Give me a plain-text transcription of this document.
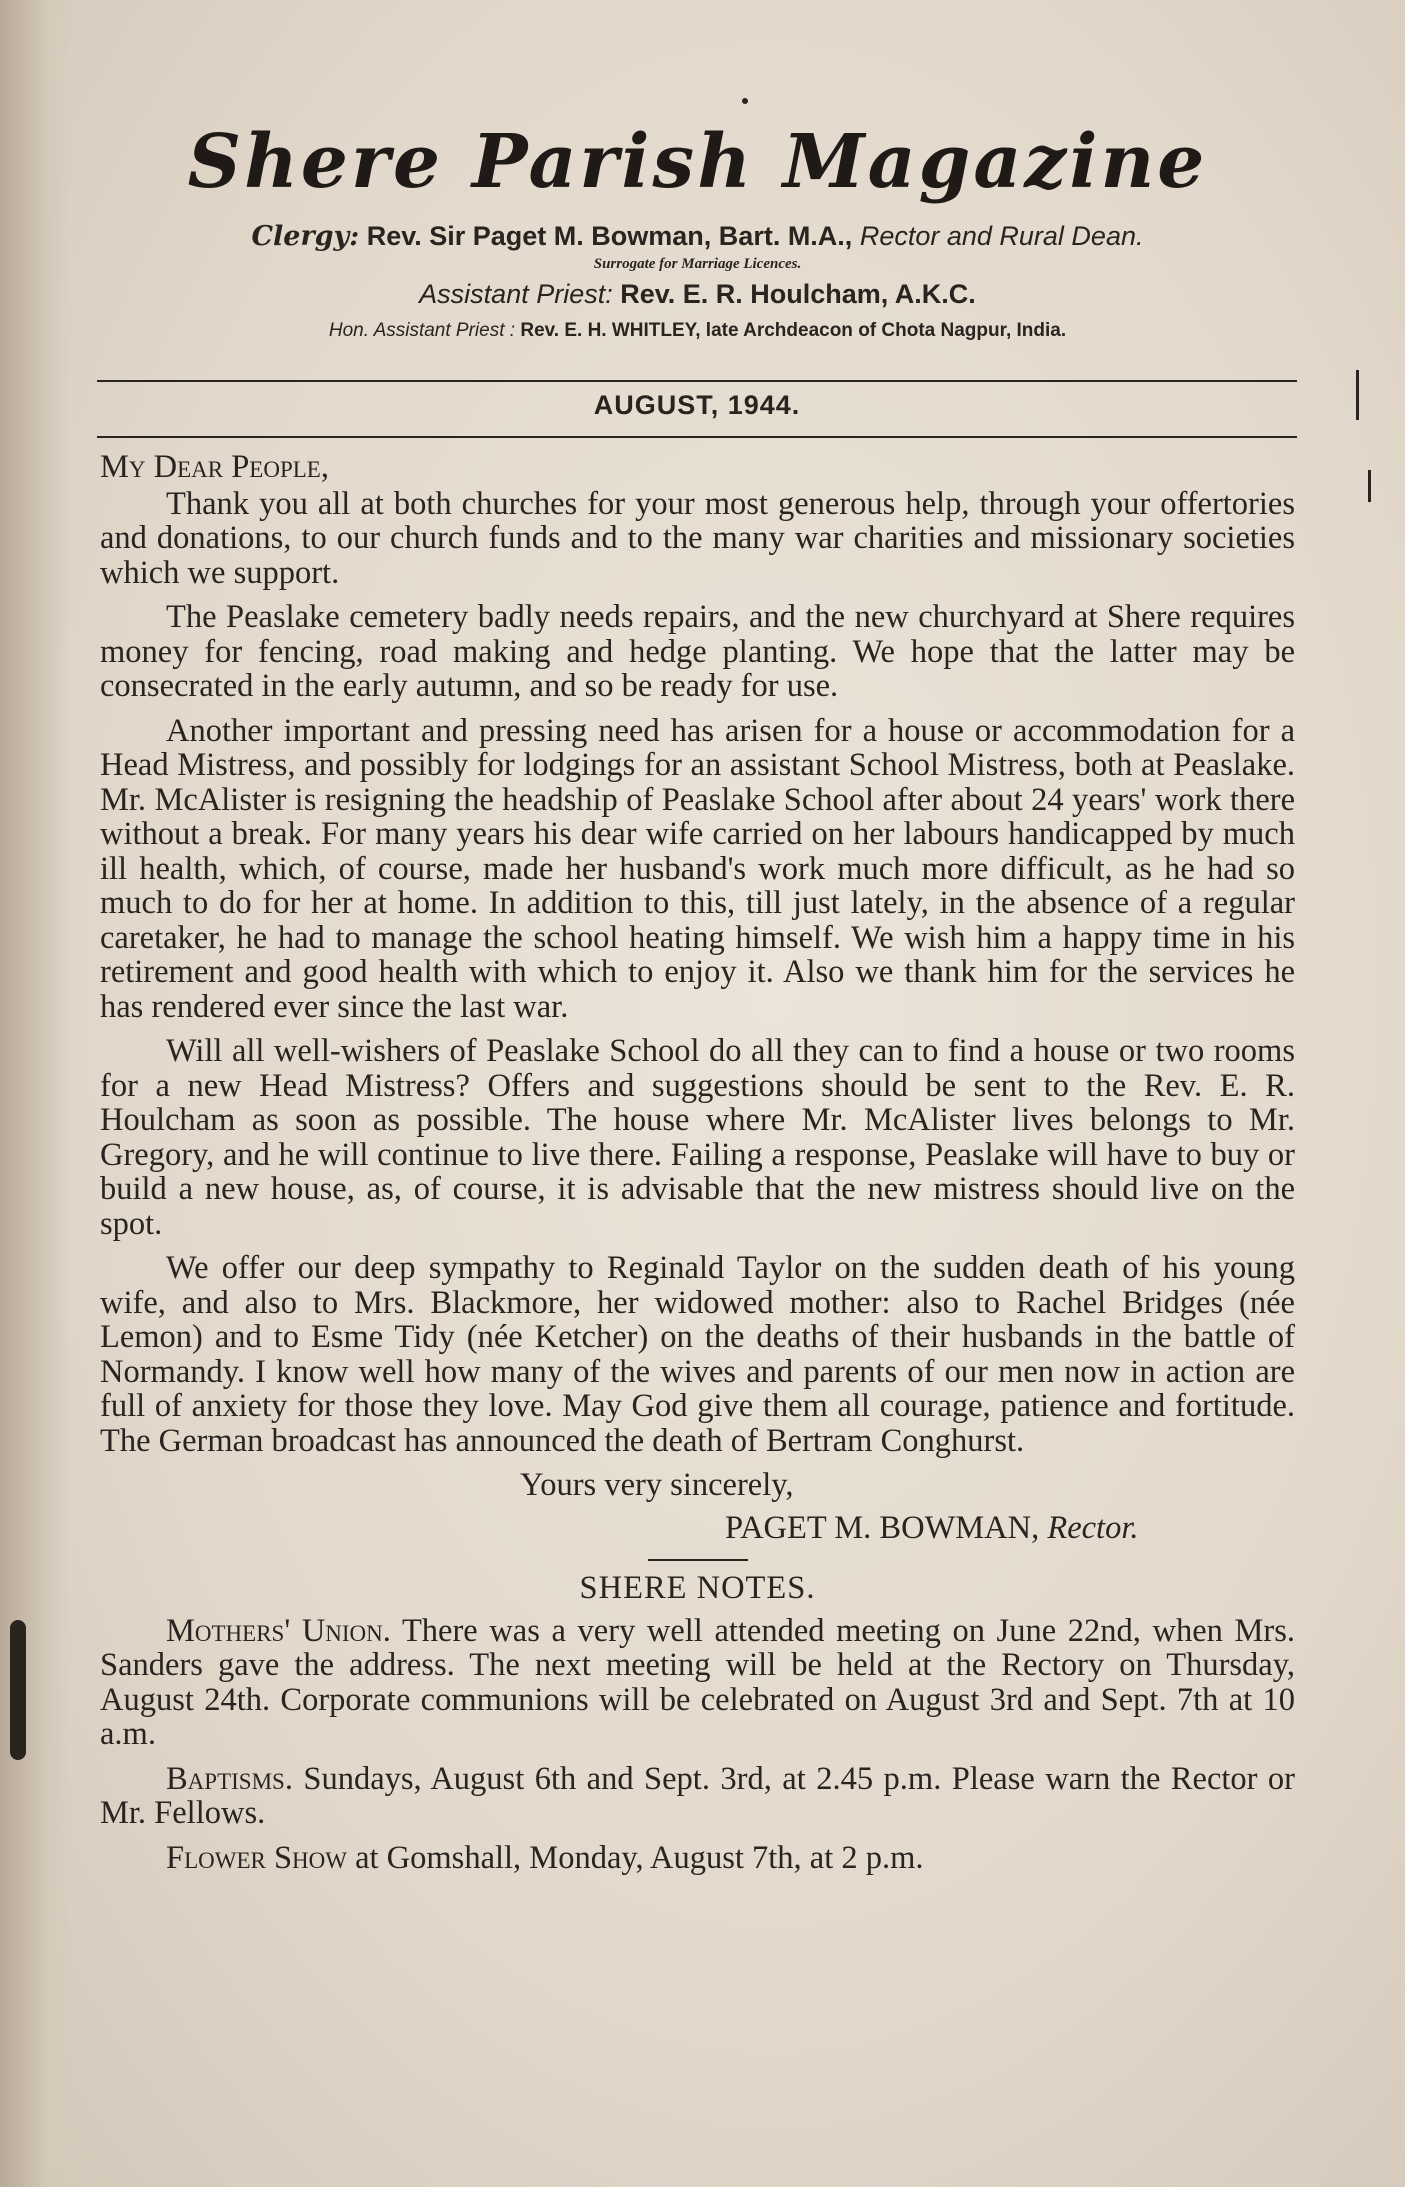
Shere Parish Magazine
Clergy: Rev. Sir Paget M. Bowman, Bart. M.A., Rector and Rural Dean.
Surrogate for Marriage Licences.
Assistant Priest: Rev. E. R. Houlcham, A.K.C.
Hon. Assistant Priest : Rev. E. H. WHITLEY, late Archdeacon of Chota Nagpur, India.
AUGUST, 1944.

My Dear People,

Thank you all at both churches for your most generous help, through your offertories and donations, to our church funds and to the many war charities and missionary societies which we support.

The Peaslake cemetery badly needs repairs, and the new churchyard at Shere requires money for fencing, road making and hedge planting. We hope that the latter may be consecrated in the early autumn, and so be ready for use.

Another important and pressing need has arisen for a house or accommodation for a Head Mistress, and possibly for lodgings for an assistant School Mistress, both at Peaslake. Mr. McAlister is resigning the headship of Peaslake School after about 24 years' work there without a break. For many years his dear wife carried on her labours handicapped by much ill health, which, of course, made her husband's work much more difficult, as he had so much to do for her at home. In addition to this, till just lately, in the absence of a regular caretaker, he had to manage the school heating himself. We wish him a happy time in his retirement and good health with which to enjoy it. Also we thank him for the services he has rendered ever since the last war.

Will all well-wishers of Peaslake School do all they can to find a house or two rooms for a new Head Mistress? Offers and suggestions should be sent to the Rev. E. R. Houlcham as soon as possible. The house where Mr. McAlister lives belongs to Mr. Gregory, and he will continue to live there. Failing a response, Peaslake will have to buy or build a new house, as, of course, it is advisable that the new mistress should live on the spot.

We offer our deep sympathy to Reginald Taylor on the sudden death of his young wife, and also to Mrs. Blackmore, her widowed mother: also to Rachel Bridges (née Lemon) and to Esme Tidy (née Ketcher) on the deaths of their husbands in the battle of Normandy. I know well how many of the wives and parents of our men now in action are full of anxiety for those they love. May God give them all courage, patience and fortitude. The German broadcast has announced the death of Bertram Conghurst.

Yours very sincerely,

PAGET M. BOWMAN, Rector.

SHERE NOTES.

Mothers' Union. There was a very well attended meeting on June 22nd, when Mrs. Sanders gave the address. The next meeting will be held at the Rectory on Thursday, August 24th. Corporate communions will be celebrated on August 3rd and Sept. 7th at 10 a.m.

Baptisms. Sundays, August 6th and Sept. 3rd, at 2.45 p.m. Please warn the Rector or Mr. Fellows.

Flower Show at Gomshall, Monday, August 7th, at 2 p.m.
